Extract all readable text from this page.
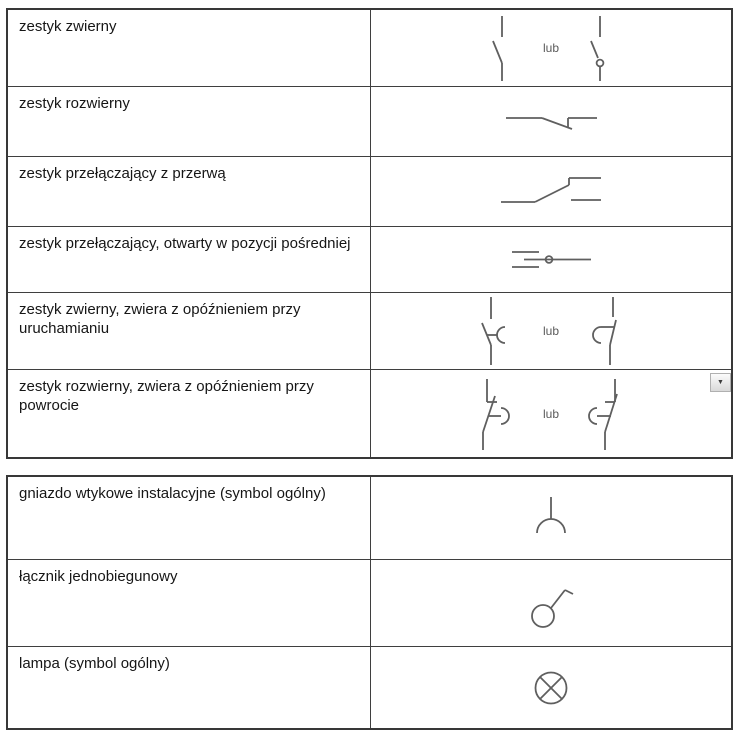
zestyk zwierny
lub
zestyk rozwierny
zestyk przełączający z przerwą
zestyk przełączający, otwarty w pozycji pośredniej
zestyk zwierny, zwiera z opóźnieniem przy uruchamianiu	lub
zestyk rozwierny, zwiera z opóźnieniem przy powrocie	lub
▼
gniazdo wtykowe instalacyjne (symbol ogólny)
łącznik jednobiegunowy
lampa (symbol ogólny)
